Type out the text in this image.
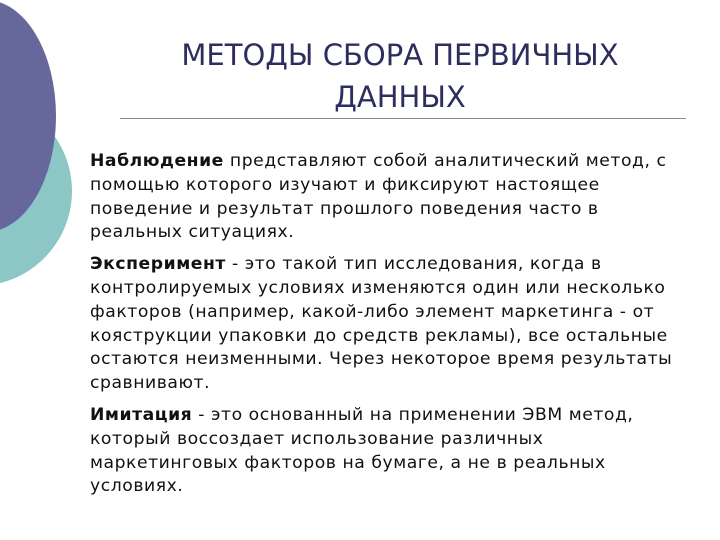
МЕТОДЫ СБОРА ПЕРВИЧНЫХ ДАННЫХ

Наблюдение представляют собой аналитический метод, с помощью которого изучают и фиксируют настоящее поведение и результат прошлого поведения часто в реальных ситуациях.

Эксперимент - это такой тип исследования, когда в контролируемых условиях изменяются один или несколько факторов (например, какой-либо элемент маркетинга - от кояструкции упаковки до средств рекламы), все остальные остаются неизменными. Через некоторое время результаты сравнивают.

Имитация - это основанный на применении ЭВМ метод, который воссоздает использование различных маркетинговых факторов на бумаге, а не в реальных условиях.
